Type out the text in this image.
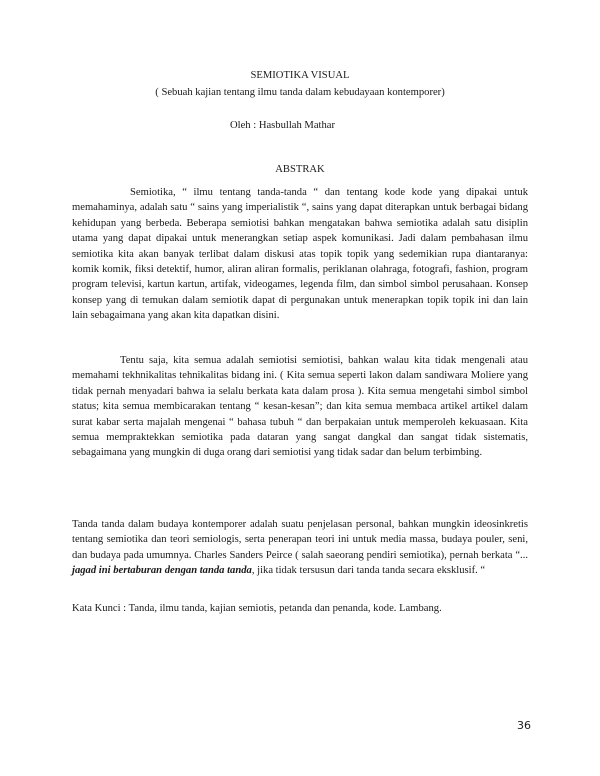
SEMIOTIKA VISUAL
( Sebuah kajian tentang ilmu tanda dalam kebudayaan kontemporer)
Oleh : Hasbullah Mathar
ABSTRAK

Semiotika, “ ilmu tentang tanda-tanda “ dan tentang kode kode yang dipakai untuk memahaminya, adalah satu “ sains yang imperialistik “, sains yang dapat diterapkan untuk berbagai bidang kehidupan yang berbeda. Beberapa semiotisi bahkan mengatakan bahwa semiotika adalah satu disiplin utama yang dapat dipakai untuk menerangkan setiap aspek komunikasi. Jadi dalam pembahasan ilmu semiotika kita akan banyak terlibat dalam diskusi atas topik topik yang sedemikian rupa diantaranya: komik komik, fiksi detektif, humor, aliran aliran formalis, periklanan olahraga, fotografi, fashion, program program televisi, kartun kartun, artifak, videogames, legenda film, dan simbol simbol perusahaan. Konsep konsep yang di temukan dalam semiotik dapat di pergunakan untuk menerapkan topik topik ini dan lain lain sebagaimana yang akan kita dapatkan disini.

Tentu saja, kita semua adalah semiotisi semiotisi, bahkan walau kita tidak mengenali atau memahami tekhnikalitas tehnikalitas bidang ini. ( Kita semua seperti lakon dalam sandiwara Moliere yang tidak pernah menyadari bahwa ia selalu berkata kata dalam prosa ). Kita semua mengetahi simbol simbol status; kita semua membicarakan tentang “ kesan-kesan”; dan kita semua membaca artikel artikel dalam surat kabar serta majalah mengenai “ bahasa tubuh “ dan berpakaian untuk memperoleh kekuasaan. Kita semua mempraktekkan semiotika pada dataran yang sangat dangkal dan sangat tidak sistematis, sebagaimana yang mungkin di duga orang dari semiotisi yang tidak sadar dan belum terbimbing.

Tanda tanda dalam budaya kontemporer adalah suatu penjelasan personal, bahkan mungkin ideosinkretis tentang semiotika dan teori semiologis, serta penerapan teori ini untuk media massa, budaya pouler, seni, dan budaya pada umumnya. Charles Sanders Peirce ( salah saeorang pendiri semiotika), pernah berkata “... jagad ini bertaburan dengan tanda tanda, jika tidak tersusun dari tanda tanda secara eksklusif. “

Kata Kunci : Tanda, ilmu tanda, kajian semiotis, petanda dan penanda, kode. Lambang.

36
